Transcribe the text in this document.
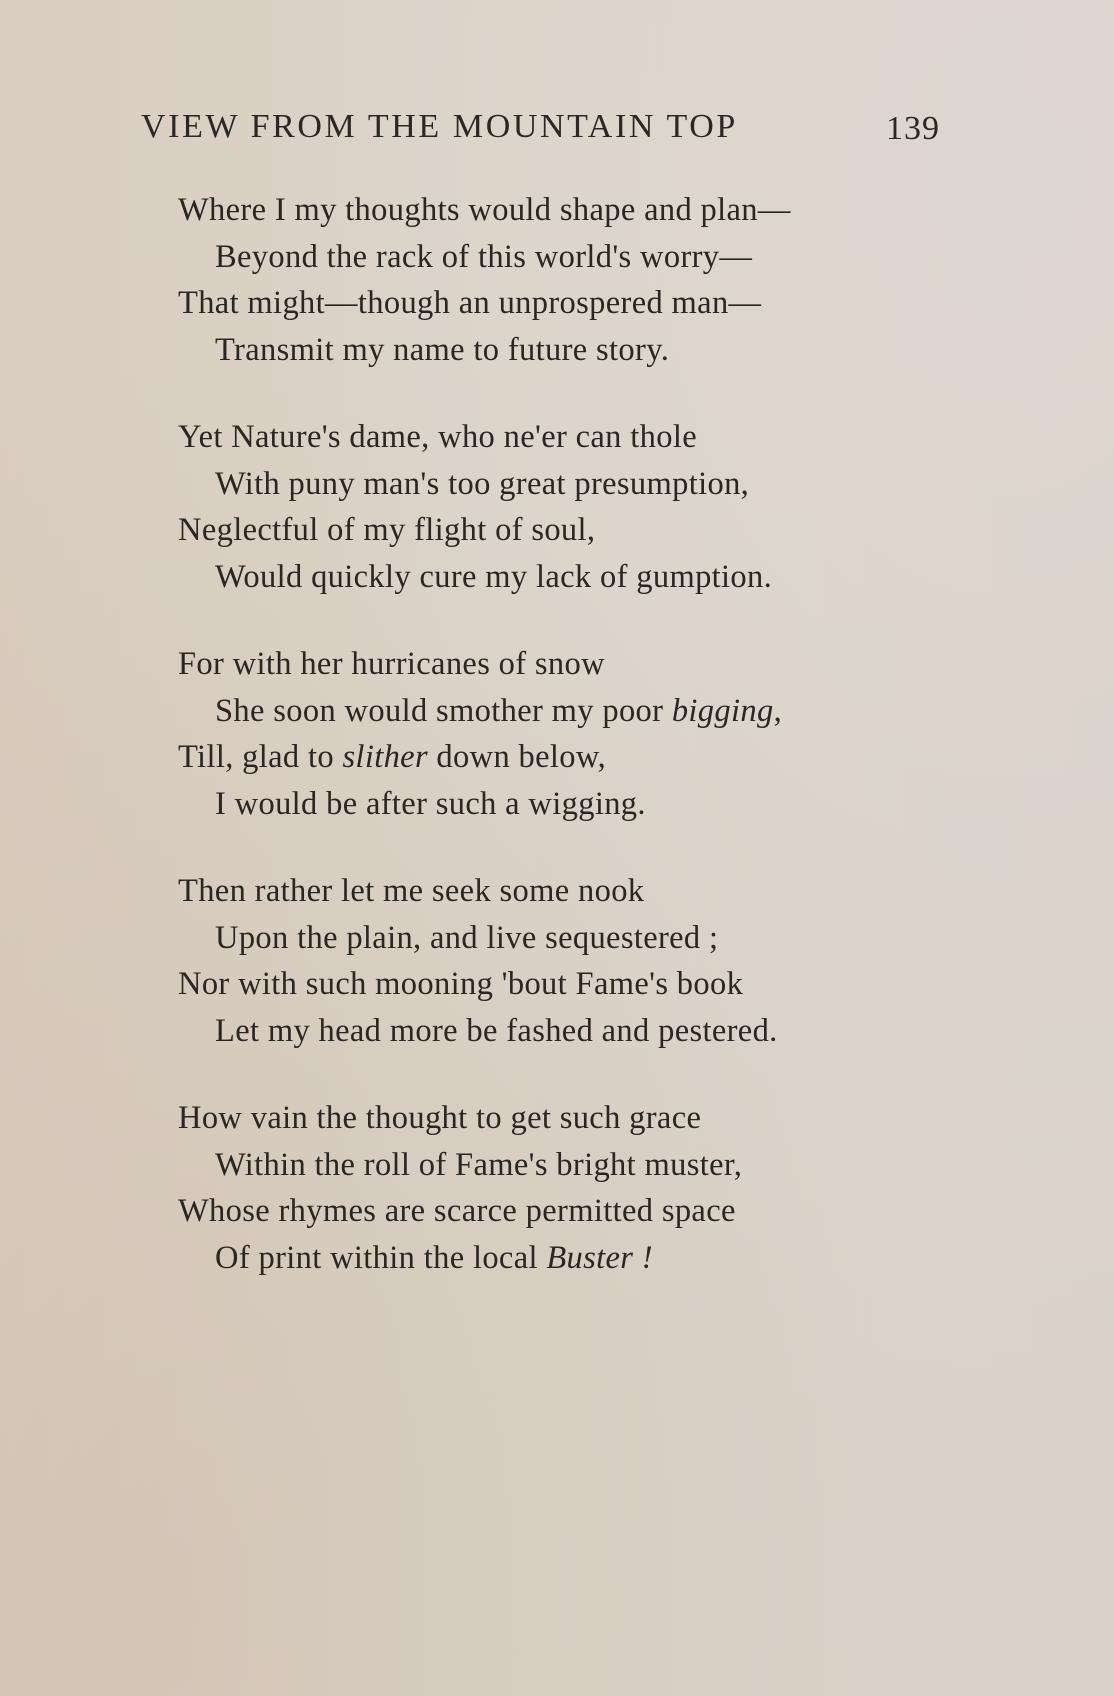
VIEW FROM THE MOUNTAIN TOP	139
Where I my thoughts would shape and plan—
Beyond the rack of this world's worry—
That might—though an unprospered man—
Transmit my name to future story.
Yet Nature's dame, who ne'er can thole
With puny man's too great presumption,
Neglectful of my flight of soul,
Would quickly cure my lack of gumption.
For with her hurricanes of snow
She soon would smother my poor bigging,
Till, glad to slither down below,
I would be after such a wigging.
Then rather let me seek some nook
Upon the plain, and live sequestered ;
Nor with such mooning 'bout Fame's book
Let my head more be fashed and pestered.
How vain the thought to get such grace
Within the roll of Fame's bright muster,
Whose rhymes are scarce permitted space
Of print within the local Buster !
